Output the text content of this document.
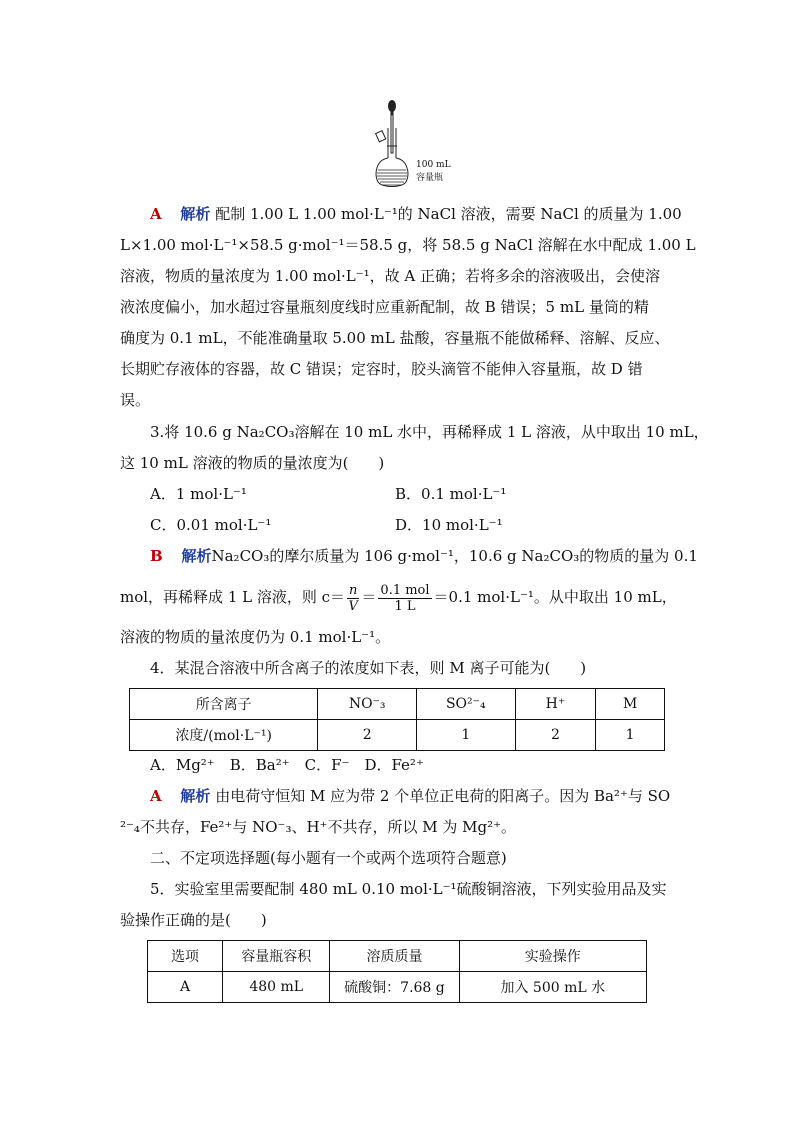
100 mL
容量瓶
A 解析 配制 1.00 L 1.00 mol·L⁻¹的 NaCl 溶液，需要 NaCl 的质量为 1.00
L×1.00 mol·L⁻¹×58.5 g·mol⁻¹＝58.5 g，将 58.5 g NaCl 溶解在水中配成 1.00 L
溶液，物质的量浓度为 1.00 mol·L⁻¹，故 A 正确；若将多余的溶液吸出，会使溶
液浓度偏小，加水超过容量瓶刻度线时应重新配制，故 B 错误；5 mL 量筒的精
确度为 0.1 mL，不能准确量取 5.00 mL 盐酸，容量瓶不能做稀释、溶解、反应、
长期贮存液体的容器，故 C 错误；定容时，胶头滴管不能伸入容量瓶，故 D 错
误。
3.将 10.6 g Na₂CO₃溶解在 10 mL 水中，再稀释成 1 L 溶液，从中取出 10 mL，
这 10 mL 溶液的物质的量浓度为(　　)
A．1 mol·L⁻¹	B．0.1 mol·L⁻¹
C．0.01 mol·L⁻¹	D．10 mol·L⁻¹
B 解析Na₂CO₃的摩尔质量为 106 g·mol⁻¹，10.6 g Na₂CO₃的物质的量为 0.1
mol，再稀释成 1 L 溶液，则 $c= \frac{n}{V} = \frac{\text{0.1 mol}}{1 L} =0.1$ mol·L⁻¹。从中取出 10 mL，
溶液的物质的量浓度仍为 0.1 mol·L⁻¹。
4．某混合溶液中所含离子的浓度如下表，则 M 离子可能为(　　)
所含离子	NO⁻₃	SO²⁻₄	H⁺	M
浓度/(mol·L⁻¹)	2	1	2	1
A．Mg²⁺　B．Ba²⁺　C．F⁻　D．Fe²⁺
A 解析 由电荷守恒知 M 应为带 2 个单位正电荷的阳离子。因为 Ba²⁺与 SO
²⁻₄不共存，Fe²⁺与 NO⁻₃、H⁺不共存，所以 M 为 Mg²⁺。
二、不定项选择题(每小题有一个或两个选项符合题意)
5．实验室里需要配制 480 mL 0.10 mol·L⁻¹硫酸铜溶液，下列实验用品及实
验操作正确的是(　　)
选项	容量瓶容积	溶质质量	实验操作
A	480 mL	硫酸铜：7.68 g	加入 500 mL 水
